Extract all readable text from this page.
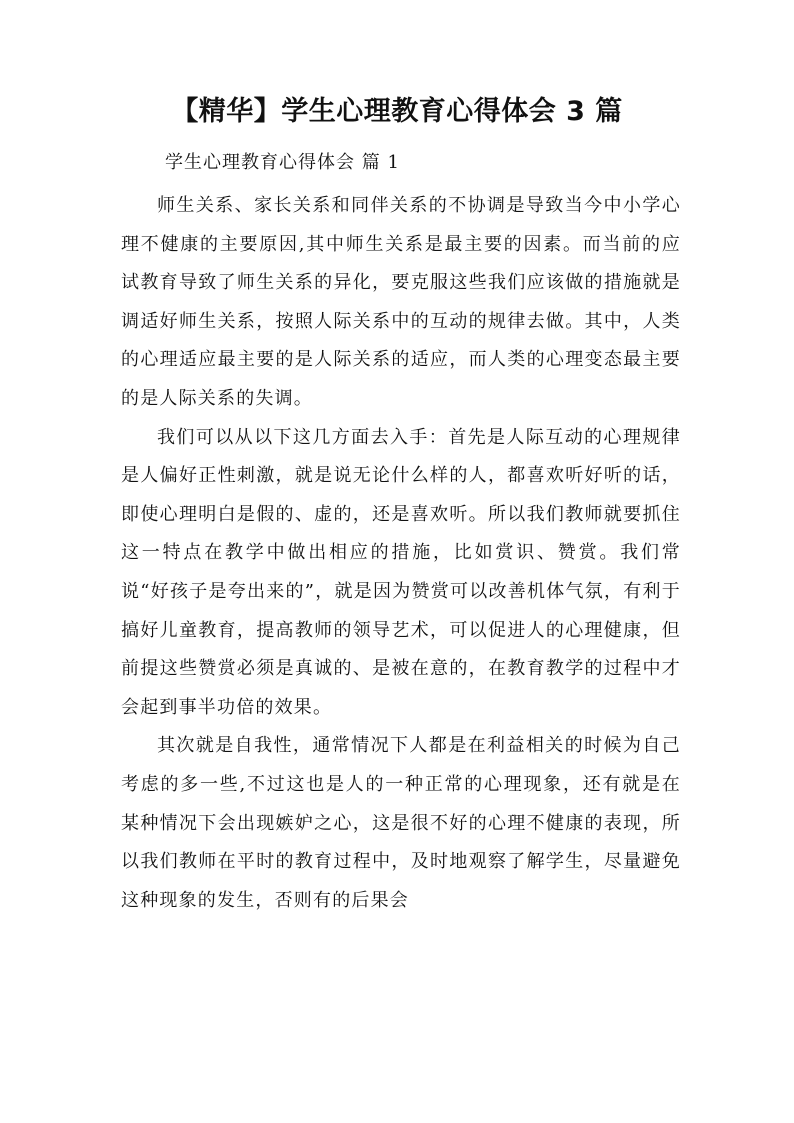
【精华】学生心理教育心得体会 3 篇

学生心理教育心得体会 篇 1

师生关系、家长关系和同伴关系的不协调是导致当今中小学心理不健康的主要原因,其中师生关系是最主要的因素。而当前的应试教育导致了师生关系的异化，要克服这些我们应该做的措施就是调适好师生关系，按照人际关系中的互动的规律去做。其中，人类的心理适应最主要的是人际关系的适应，而人类的心理变态最主要的是人际关系的失调。

我们可以从以下这几方面去入手：首先是人际互动的心理规律是人偏好正性刺激，就是说无论什么样的人，都喜欢听好听的话，即使心理明白是假的、虚的，还是喜欢听。所以我们教师就要抓住这一特点在教学中做出相应的措施，比如赏识、赞赏。我们常说“好孩子是夸出来的”，就是因为赞赏可以改善机体气氛，有利于搞好儿童教育，提高教师的领导艺术，可以促进人的心理健康，但前提这些赞赏必须是真诚的、是被在意的，在教育教学的过程中才会起到事半功倍的效果。

其次就是自我性，通常情况下人都是在利益相关的时候为自己考虑的多一些,不过这也是人的一种正常的心理现象，还有就是在某种情况下会出现嫉妒之心，这是很不好的心理不健康的表现，所以我们教师在平时的教育过程中，及时地观察了解学生，尽量避免这种现象的发生，否则有的后果会
